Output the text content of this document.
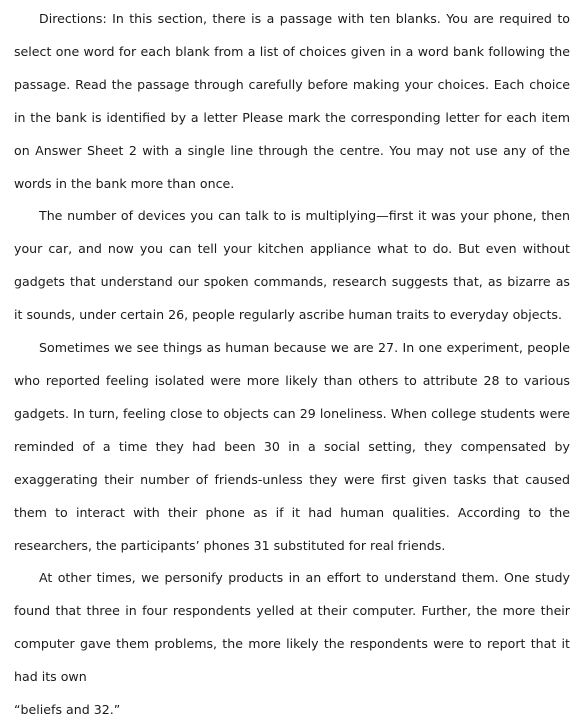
Directions: In this section, there is a passage with ten blanks. You are required to select one word for each blank from a list of choices given in a word bank following the passage. Read the passage through carefully before making your choices. Each choice in the bank is identified by a letter Please mark the corresponding letter for each item on Answer Sheet 2 with a single line through the centre. You may not use any of the words in the bank more than once.

The number of devices you can talk to is multiplying—first it was your phone, then your car, and now you can tell your kitchen appliance what to do. But even without gadgets that understand our spoken commands, research suggests that, as bizarre as it sounds, under certain 26, people regularly ascribe human traits to everyday objects.

Sometimes we see things as human because we are 27. In one experiment, people who reported feeling isolated were more likely than others to attribute 28 to various gadgets. In turn, feeling close to objects can 29 loneliness. When college students were reminded of a time they had been 30 in a social setting, they compensated by exaggerating their number of friends-unless they were first given tasks that caused them to interact with their phone as if it had human qualities. According to the researchers, the participants’ phones 31 substituted for real friends.

At other times, we personify products in an effort to understand them. One study found that three in four respondents yelled at their computer. Further, the more their computer gave them problems, the more likely the respondents were to report that it had its own

“beliefs and 32.”
